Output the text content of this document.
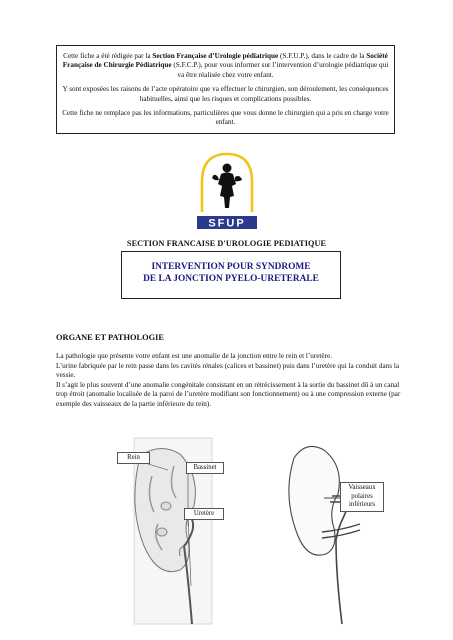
Cette fiche a été rédigée par la Section Française d’Urologie pédiatrique (S.F.U.P.), dans le cadre de la Société Française de Chirurgie Pédiatrique (S.F.C.P.), pour vous informer sur l’intervention d’urologie pédiatrique qui va être réalisée chez votre enfant.

Y sont exposées les raisons de l’acte opératoire que va effectuer le chirurgien, son déroulement, les conséquences habituelles, ainsi que les risques et complications possibles.

Cette fiche ne remplace pas les informations, particulières que vous donne le chirurgien qui a pris en charge votre enfant.

SFUP
SECTION FRANCAISE D'UROLOGIE PEDIATIQUE
INTERVENTION POUR SYNDROME
DE LA JONCTION PYELO-URETERALE
ORGANE ET PATHOLOGIE

La pathologie que présente votre enfant est une anomalie de la jonction entre le rein et l’uretère.

L’urine fabriquée par le rein passe dans les cavités rénales (calices et bassinet) puis dans l’uretère qui la conduit dans la vessie.

Il s’agit le plus souvent d’une anomalie congénitale consistant en un rétrécissement à la sortie du bassinet dû à un canal trop étroit (anomalie localisée de la paroi de l’uretère modifiant son fonctionnement) ou à une compression externe (par exemple des vaisseaux de la partie inférieure du rein).

Rein
Bassinet
Uretère
Vaisseaux polaires inférieurs
